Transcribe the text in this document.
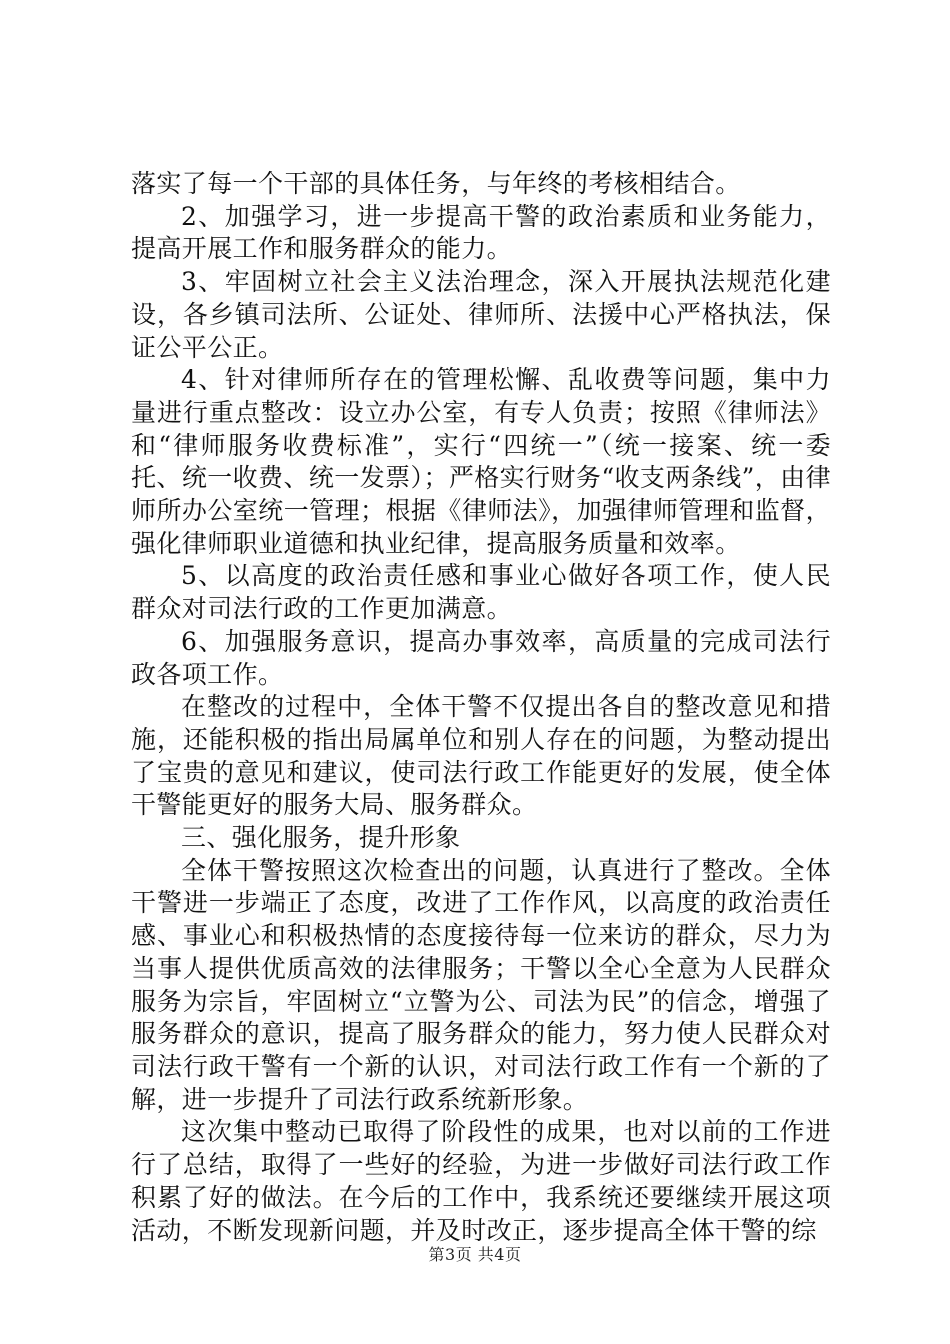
落实了每一个干部的具体任务，与年终的考核相结合。

2、加强学习，进一步提高干警的政治素质和业务能力，提高开展工作和服务群众的能力。

3、牢固树立社会主义法治理念，深入开展执法规范化建设，各乡镇司法所、公证处、律师所、法援中心严格执法，保证公平公正。

4、针对律师所存在的管理松懈、乱收费等问题，集中力量进行重点整改：设立办公室，有专人负责；按照《律师法》和“律师服务收费标准”，实行“四统一”（统一接案、统一委托、统一收费、统一发票）；严格实行财务“收支两条线”，由律师所办公室统一管理；根据《律师法》，加强律师管理和监督，强化律师职业道德和执业纪律，提高服务质量和效率。

5、以高度的政治责任感和事业心做好各项工作，使人民群众对司法行政的工作更加满意。

6、加强服务意识，提高办事效率，高质量的完成司法行政各项工作。

在整改的过程中，全体干警不仅提出各自的整改意见和措施，还能积极的指出局属单位和别人存在的问题，为整动提出了宝贵的意见和建议，使司法行政工作能更好的发展，使全体干警能更好的服务大局、服务群众。

三、强化服务，提升形象

全体干警按照这次检查出的问题，认真进行了整改。全体干警进一步端正了态度，改进了工作作风，以高度的政治责任感、事业心和积极热情的态度接待每一位来访的群众，尽力为当事人提供优质高效的法律服务；干警以全心全意为人民群众服务为宗旨，牢固树立“立警为公、司法为民”的信念，增强了服务群众的意识，提高了服务群众的能力，努力使人民群众对司法行政干警有一个新的认识，对司法行政工作有一个新的了解，进一步提升了司法行政系统新形象。

这次集中整动已取得了阶段性的成果，也对以前的工作进行了总结，取得了一些好的经验，为进一步做好司法行政工作积累了好的做法。在今后的工作中，我系统还要继续开展这项活动，不断发现新问题，并及时改正，逐步提高全体干警的综

第3页 共4页
